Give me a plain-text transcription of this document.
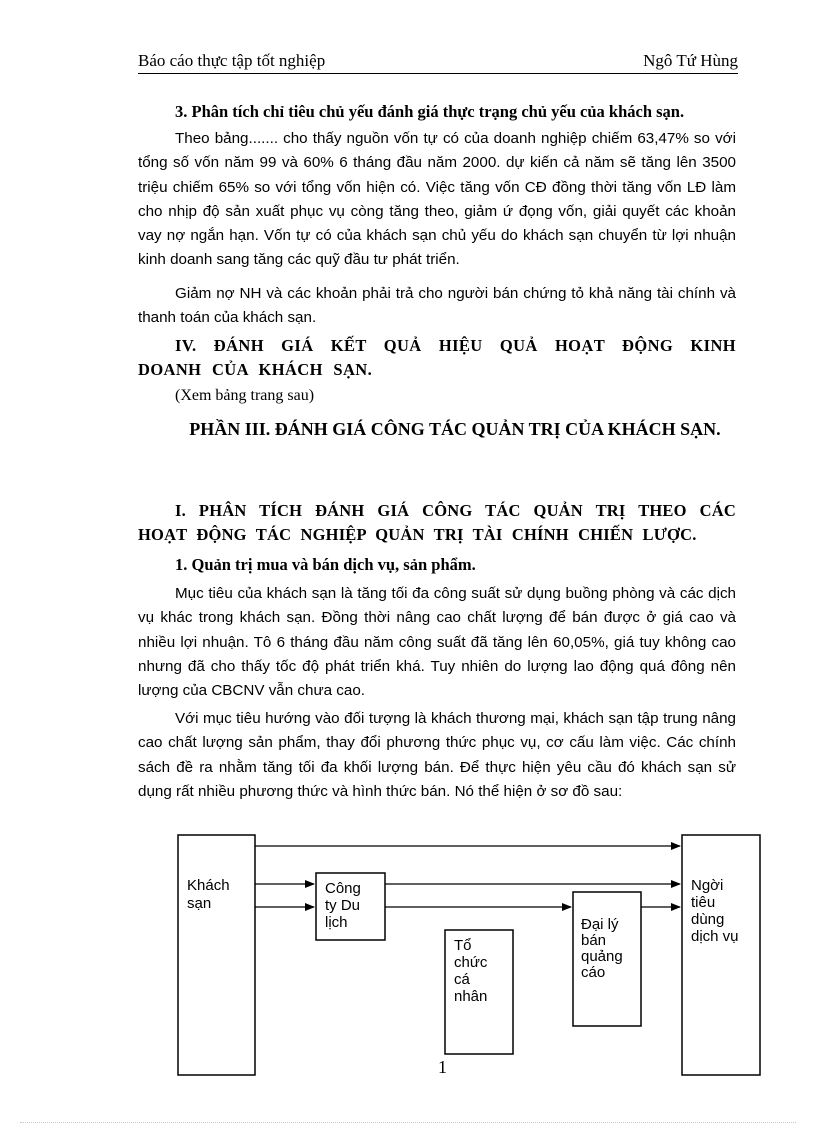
Báo cáo thực tập tốt nghiệp	Ngô Tứ Hùng

3. Phân tích chỉ tiêu chủ yếu đánh giá thực trạng chủ yếu của khách sạn.

Theo bảng....... cho thấy nguồn vốn tự có của doanh nghiệp chiếm 63,47% so với tổng số vốn năm 99 và 60% 6 tháng đầu năm 2000. dự kiến cả năm sẽ tăng lên 3500 triệu chiếm 65% so với tổng vốn hiện có. Việc tăng vốn CĐ đồng thời tăng vốn LĐ làm cho nhịp độ sản xuất phục vụ còng tăng theo, giảm ứ đọng vốn, giải quyết các khoản vay nợ ngắn hạn. Vốn tự có của khách sạn chủ yếu do khách sạn chuyển từ lợi nhuận kinh doanh sang tăng các quỹ đầu tư phát triển.

Giảm nợ NH và các khoản phải trả cho người bán chứng tỏ khả năng tài chính và thanh toán của khách sạn.

IV. ĐÁNH GIÁ KẾT QUẢ HIỆU QUẢ HOẠT ĐỘNG KINH DOANH CỦA KHÁCH SẠN.

(Xem bảng trang sau)

PHẦN III. ĐÁNH GIÁ CÔNG TÁC QUẢN TRỊ CỦA KHÁCH SẠN.

I. PHÂN TÍCH ĐÁNH GIÁ CÔNG TÁC QUẢN TRỊ THEO CÁC HOẠT ĐỘNG TÁC NGHIỆP QUẢN TRỊ TÀI CHÍNH CHIẾN LƯỢC.

1. Quản trị mua và bán dịch vụ, sản phẩm.

Mục tiêu của khách sạn là tăng tối đa công suất sử dụng buồng phòng và các dịch vụ khác trong khách sạn. Đồng thời nâng cao chất lượng để bán được ở giá cao và nhiều lợi nhuận. Tô 6 tháng đầu năm công suất đã tăng lên 60,05%, giá tuy không cao nhưng đã cho thấy tốc độ phát triển khá. Tuy nhiên do lượng lao động quá đông nên lượng của CBCNV vẫn chưa cao.

Với mục tiêu hướng vào đối tượng là khách thương mại, khách sạn tập trung nâng cao chất lượng sản phẩm, thay đổi phương thức phục vụ, cơ cấu làm việc. Các chính sách đề ra nhằm tăng tối đa khối lượng bán. Để thực hiện yêu cầu đó khách sạn sử dụng rất nhiều phương thức và hình thức bán. Nó thể hiện ở sơ đồ sau:

Khách sạn
Công ty Du lịch
Tổ chức cá nhân
Đại lý bán quảng cáo
Ngời tiêu dùng dịch vụ
1
